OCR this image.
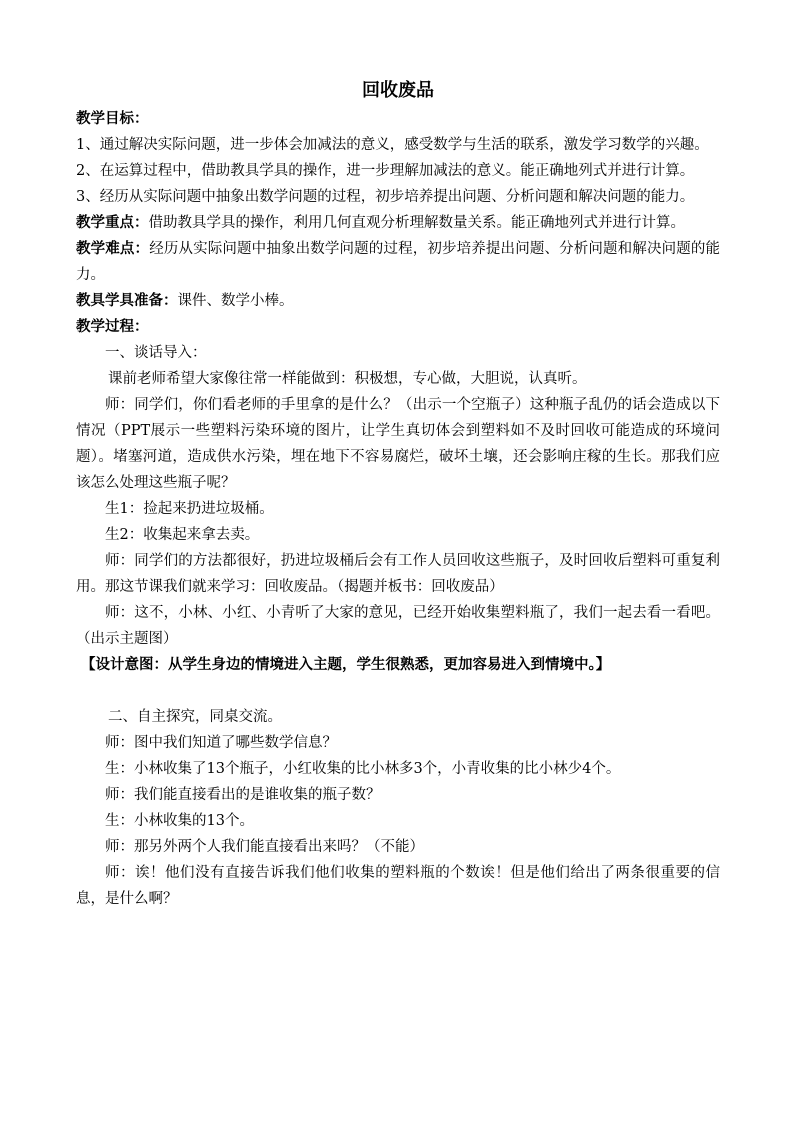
回收废品

教学目标：

1、通过解决实际问题，进一步体会加减法的意义，感受数学与生活的联系，激发学习数学的兴趣。

2、在运算过程中，借助教具学具的操作，进一步理解加减法的意义。能正确地列式并进行计算。

3、经历从实际问题中抽象出数学问题的过程，初步培养提出问题、分析问题和解决问题的能力。

教学重点：借助教具学具的操作，利用几何直观分析理解数量关系。能正确地列式并进行计算。

教学难点：经历从实际问题中抽象出数学问题的过程，初步培养提出问题、分析问题和解决问题的能力。

教具学具准备：课件、数学小棒。

教学过程：

一、谈话导入：

课前老师希望大家像往常一样能做到：积极想，专心做，大胆说，认真听。

师：同学们，你们看老师的手里拿的是什么？（出示一个空瓶子）这种瓶子乱仍的话会造成以下情况（PPT展示一些塑料污染环境的图片，让学生真切体会到塑料如不及时回收可能造成的环境问题）。堵塞河道，造成供水污染，埋在地下不容易腐烂，破坏土壤，还会影响庄稼的生长。那我们应该怎么处理这些瓶子呢？

生1：捡起来扔进垃圾桶。

生2：收集起来拿去卖。

师：同学们的方法都很好，扔进垃圾桶后会有工作人员回收这些瓶子，及时回收后塑料可重复利用。那这节课我们就来学习：回收废品。（揭题并板书：回收废品）

师：这不，小林、小红、小青听了大家的意见，已经开始收集塑料瓶了，我们一起去看一看吧。（出示主题图）

【设计意图：从学生身边的情境进入主题，学生很熟悉，更加容易进入到情境中。】

二、自主探究，同桌交流。

师：图中我们知道了哪些数学信息？

生：小林收集了13个瓶子，小红收集的比小林多3个，小青收集的比小林少4个。

师：我们能直接看出的是谁收集的瓶子数？

生：小林收集的13个。

师：那另外两个人我们能直接看出来吗？（不能）

师：诶！他们没有直接告诉我们他们收集的塑料瓶的个数诶！但是他们给出了两条很重要的信息，是什么啊？
